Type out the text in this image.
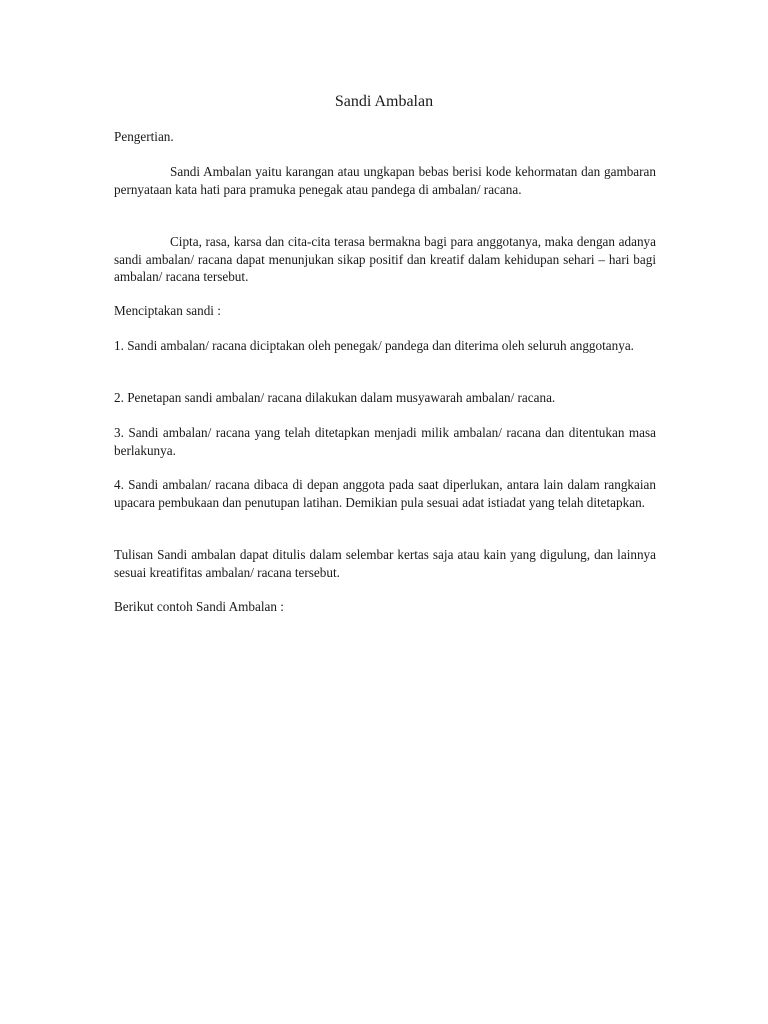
Sandi Ambalan

Pengertian.

Sandi Ambalan yaitu karangan atau ungkapan bebas berisi kode kehormatan dan gambaran pernyataan kata hati para pramuka penegak atau pandega di ambalan/ racana.

Cipta, rasa, karsa dan cita-cita terasa bermakna bagi para anggotanya, maka dengan adanya sandi ambalan/ racana dapat menunjukan sikap positif dan kreatif dalam kehidupan sehari – hari bagi ambalan/ racana tersebut.

Menciptakan sandi :

1. Sandi ambalan/ racana diciptakan oleh penegak/ pandega dan diterima oleh seluruh anggotanya.

2. Penetapan sandi ambalan/ racana dilakukan dalam musyawarah ambalan/ racana.

3. Sandi ambalan/ racana yang telah ditetapkan menjadi milik ambalan/ racana dan ditentukan masa berlakunya.

4. Sandi ambalan/ racana dibaca di depan anggota pada saat diperlukan, antara lain dalam rangkaian upacara pembukaan dan penutupan latihan. Demikian pula sesuai adat istiadat yang telah ditetapkan.

Tulisan Sandi ambalan dapat ditulis dalam selembar kertas saja atau kain yang digulung, dan lainnya sesuai kreatifitas ambalan/ racana tersebut.

Berikut contoh Sandi Ambalan :
